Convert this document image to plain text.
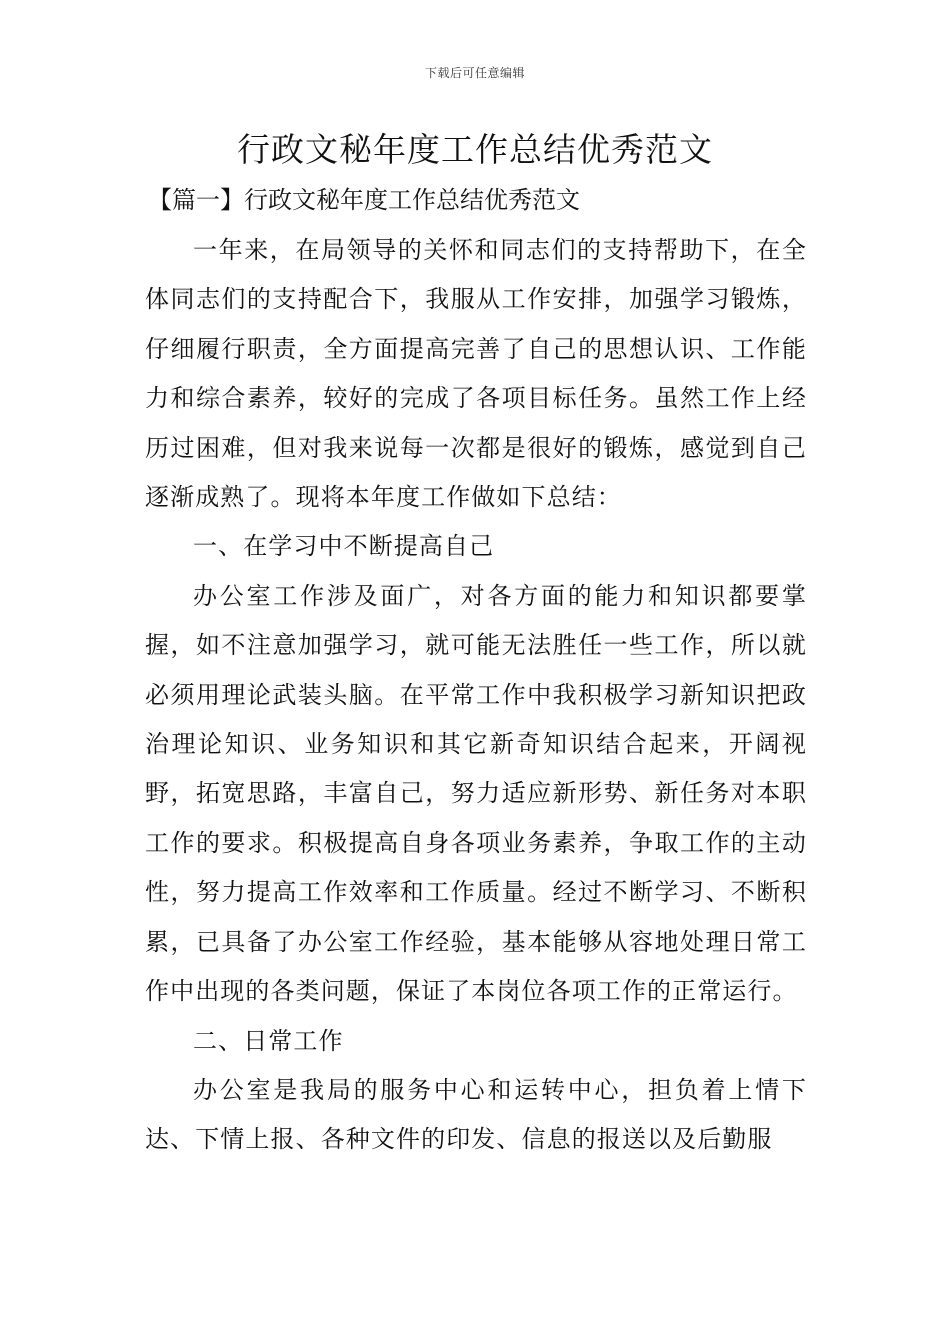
下载后可任意编辑
行政文秘年度工作总结优秀范文
【篇一】行政文秘年度工作总结优秀范文

一年来，在局领导的关怀和同志们的支持帮助下，在全体同志们的支持配合下，我服从工作安排，加强学习锻炼，仔细履行职责，全方面提高完善了自己的思想认识、工作能力和综合素养，较好的完成了各项目标任务。虽然工作上经历过困难，但对我来说每一次都是很好的锻炼，感觉到自己逐渐成熟了。现将本年度工作做如下总结：

一、在学习中不断提高自己

办公室工作涉及面广，对各方面的能力和知识都要掌握，如不注意加强学习，就可能无法胜任一些工作，所以就必须用理论武装头脑。在平常工作中我积极学习新知识把政治理论知识、业务知识和其它新奇知识结合起来，开阔视野，拓宽思路，丰富自己，努力适应新形势、新任务对本职工作的要求。积极提高自身各项业务素养，争取工作的主动性，努力提高工作效率和工作质量。经过不断学习、不断积累，已具备了办公室工作经验，基本能够从容地处理日常工作中出现的各类问题，保证了本岗位各项工作的正常运行。

二、日常工作

办公室是我局的服务中心和运转中心，担负着上情下达、下情上报、各种文件的印发、信息的报送以及后勤服
